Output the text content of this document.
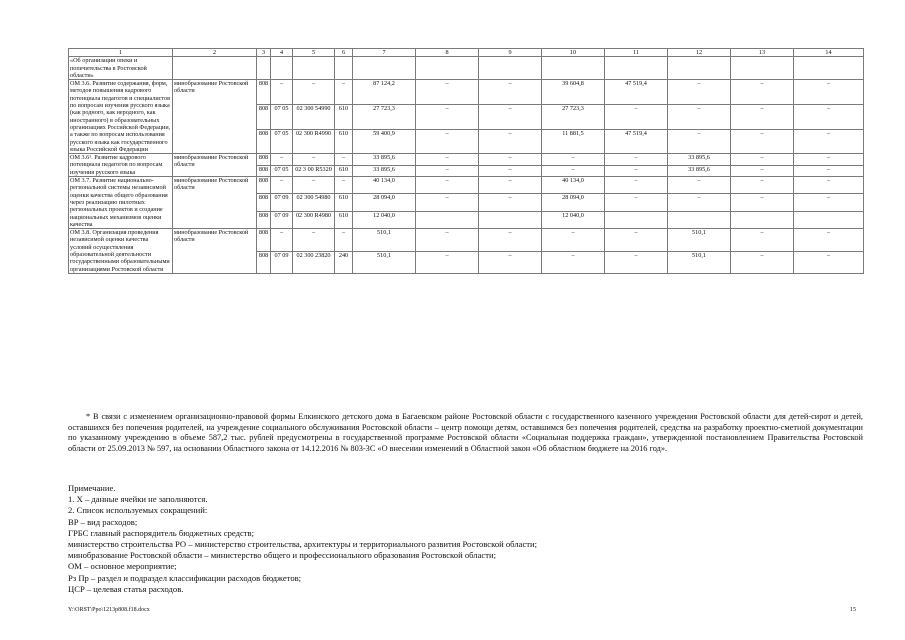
1	2	3	4	5	6	7	8	9	10	11	12	13	14
«Об организации опеки и попечительства в Ростовской области»													
ОМ 3.6. Развитие содержания, форм, методов повышения кадрового потенциала педагогов и специалистов по вопросам изучения русского языка (как родного, как неродного, как иностранного) в образовательных организациях Российской Федерации, а также по вопросам использования русского языка как государственного языка Российской Федерации	минобразование Ростовской области	808	–	–	–	87 124,2	–	–	39 604,8	47 519,4	–	–	–
		808	07 05	02 300 54990	610	27 723,3	–	–	27 723,3	–	–	–	–
		808	07 05	02 300 R4990	610	59 400,9	–	–	11 881,5	47 519,4	–	–	–
ОМ 3.6¹. Развитие кадрового потенциала педагогов по вопросам изучения русского языка	минобразование Ростовской области	808	–	–	–	33 895,6	–	–	–	–	33 895,6	–	–
		808	07 05	02 3 00 R5320	610	33 895,6	–	–	–	–	33 895,6	–	–
ОМ 3.7. Развитие национально-региональной системы независимой оценки качества общего образования через реализацию пилотных региональных проектов и создание национальных механизмов оценки качества	минобразование Ростовской области	808	–	–	–	40 134,0	–	–	40 134,0	–	–	–	–
		808	07 09	02 300 54980	610	28 094,0	–	–	28 094,0	–	–	–	–
		808	07 09	02 300 R4980	610	12 040,0			12 040,0				
ОМ 3.8. Организация проведения независимой оценки качества условий осуществления образовательной деятельности государственными образовательными организациями Ростовской области	минобразование Ростовской области	808	–	–	–	510,1	–	–	–	–	510,1	–	–
		808	07 09	02 300 23820	240	510,1	–	–	–	–	510,1	–	–
* В связи с изменением организационно-правовой формы Елкинского детского дома в Багаевском районе Ростовской области с государственного казенного учреждения Ростовской области для детей-сирот и детей, оставшихся без попечения родителей, на учреждение социального обслуживания Ростовской области – центр помощи детям, оставшимся без попечения родителей, средства на разработку проектно-сметной документации по указанному учреждению в объеме 587,2 тыс. рублей предусмотрены в государственной программе Ростовской области «Социальная поддержка граждан», утвержденной постановлением Правительства Ростовской области от 25.09.2013 № 597, на основании Областного закона от 14.12.2016 № 803-ЗС «О внесении изменений в Областной закон «Об областном бюджете на 2016 год».
Примечание.
1. Х – данные ячейки не заполняются.
2. Список используемых сокращений:
ВР – вид расходов;
ГРБС главный распорядитель бюджетных средств;
министерство строительства РО – министерство строительства, архитектуры и территориального развития Ростовской области;
минобразование Ростовской области – министерство общего и профессионального образования Ростовской области;
ОМ – основное мероприятие;
Рз Пр – раздел и подраздел классификации расходов бюджетов;
ЦСР – целевая статья расходов.
Y:\ORST\Ppo\1213p808.f18.docx	15
